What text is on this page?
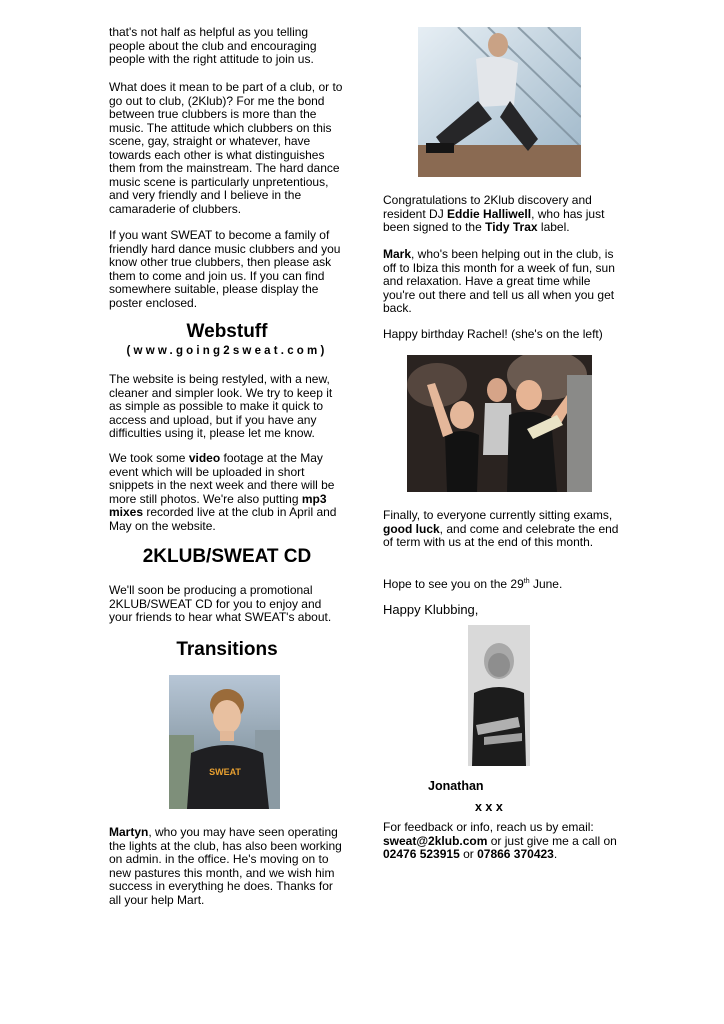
that's not half as helpful as you telling people about the club and encouraging people with the right attitude to join us.

What does it mean to be part of a club, or to go out to club, (2Klub)? For me the bond between true clubbers is more than the music. The attitude which clubbers on this scene, gay, straight or whatever, have towards each other is what distinguishes them from the mainstream. The hard dance music scene is particularly unpretentious, and very friendly and I believe in the camaraderie of clubbers.

If you want SWEAT to become a family of friendly hard dance music clubbers and you know other true clubbers, then please ask them to come and join us. If you can find somewhere suitable, please display the poster enclosed.

Webstuff
(www.going2sweat.com)

The website is being restyled, with a new, cleaner and simpler look. We try to keep it as simple as possible to make it quick to access and upload, but if you have any difficulties using it, please let me know.

We took some video footage at the May event which will be uploaded in short snippets in the next week and there will be more still photos. We're also putting mp3 mixes recorded live at the club in April and May on the website.

2KLUB/SWEAT CD

We'll soon be producing a promotional 2KLUB/SWEAT CD for you to enjoy and your friends to hear what SWEAT's about.

Transitions
SWEAT

Martyn, who you may have seen operating the lights at the club, has also been working on admin. in the office. He's moving on to new pastures this month, and we wish him success in everything he does. Thanks for all your help Mart.

Congratulations to 2Klub discovery and resident DJ Eddie Halliwell, who has just been signed to the Tidy Trax label.

Mark, who's been helping out in the club, is off to Ibiza this month for a week of fun, sun and relaxation. Have a great time while you're out there and tell us all when you get back.

Happy birthday Rachel! (she's on the left)

Finally, to everyone currently sitting exams, good luck, and come and celebrate the end of term with us at the end of this month.

Hope to see you on the 29th June.

Happy Klubbing,

Jonathan
x x x

For feedback or info, reach us by email: sweat@2klub.com or just give me a call on 02476 523915 or 07866 370423.
